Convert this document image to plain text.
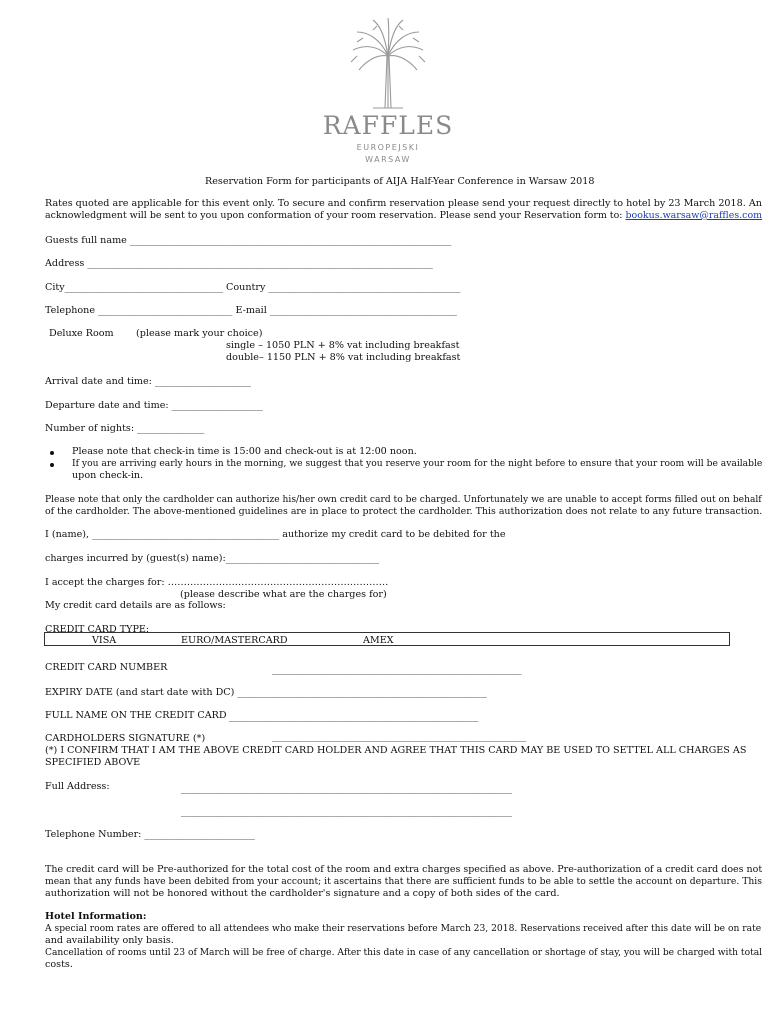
RAFFLES
EUROPEJSKI
WARSAW
Reservation Form for participants of AIJA Half-Year Conference in Warsaw 2018
Rates quoted are applicable for this event only. To secure and confirm reservation please send your request directly to hotel by 23 March 2018. An
acknowledgment will be sent to you upon conformation of your room reservation. Please send your Reservation form to: bookus.warsaw@raffles.com
Guests full name ___________________________________________________________________
Address ________________________________________________________________________
City_________________________________ Country ________________________________________
Telephone ____________________________ E-mail _______________________________________
Deluxe Room (please mark your choice)
single – 1050 PLN + 8% vat including breakfast
double– 1150 PLN + 8% vat including breakfast
Arrival date and time: ____________________
Departure date and time: ___________________
Number of nights: ______________
Please note that check-in time is 15:00 and check-out is at 12:00 noon.
If you are arriving early hours in the morning, we suggest that you reserve your room for the night before to ensure that your room will be available
upon check-in.
Please note that only the cardholder can authorize his/her own credit card to be charged. Unfortunately we are unable to accept forms filled out on behalf
of the cardholder. The above-mentioned guidelines are in place to protect the cardholder. This authorization does not relate to any future transaction.
I (name), _______________________________________ authorize my credit card to be debited for the
charges incurred by (guest(s) name):________________________________
I accept the charges for: ……………………………………………………………
(please describe what are the charges for)
My credit card details are as follows:
CREDIT CARD TYPE:
VISA	EURO/MASTERCARD	AMEX
CREDIT CARD NUMBER	____________________________________________________
EXPIRY DATE (and start date with DC) ____________________________________________________
FULL NAME ON THE CREDIT CARD ____________________________________________________
CARDHOLDERS SIGNATURE (*)	_____________________________________________________
(*) I CONFIRM THAT I AM THE ABOVE CREDIT CARD HOLDER AND AGREE THAT THIS CARD MAY BE USED TO SETTEL ALL CHARGES AS
SPECIFIED ABOVE
Full Address:	_____________________________________________________________________
_____________________________________________________________________
Telephone Number: _______________________
The credit card will be Pre-authorized for the total cost of the room and extra charges specified as above. Pre-authorization of a credit card does not
mean that any funds have been debited from your account; it ascertains that there are sufficient funds to be able to settle the account on departure. This
authorization will not be honored without the cardholder's signature and a copy of both sides of the card.
Hotel Information:
A special room rates are offered to all attendees who make their reservations before March 23, 2018. Reservations received after this date will be on rate
and availability only basis.
Cancellation of rooms until 23 of March will be free of charge. After this date in case of any cancellation or shortage of stay, you will be charged with total
costs.
